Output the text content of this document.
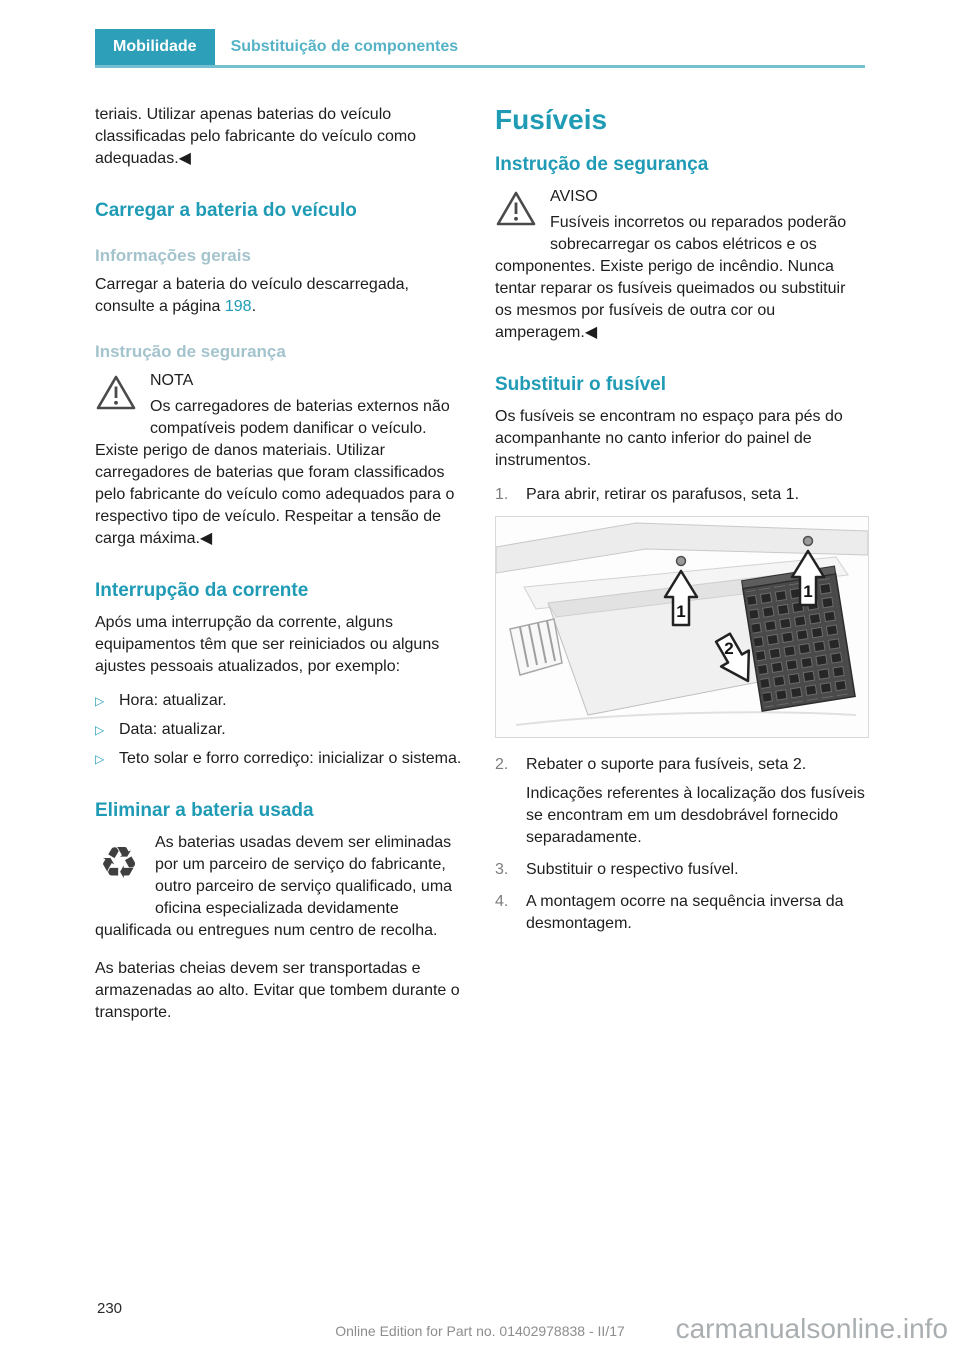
Mobilidade	Substituição de componentes

teriais. Utilizar apenas baterias do veículo classificadas pelo fabricante do veículo como adequadas.◀

Carregar a bateria do veículo
Informações gerais

Carregar a bateria do veículo descarregada, consulte a página 198.

Instrução de segurança
NOTA
Os carregadores de baterias externos não compatíveis podem danificar o veículo. Existe perigo de danos materiais. Utilizar carregadores de baterias que foram classificados pelo fabricante do veículo como adequados para o respectivo tipo de veículo. Respeitar a tensão de carga máxima.◀
Interrupção da corrente

Após uma interrupção da corrente, alguns equipamentos têm que ser reiniciados ou alguns ajustes pessoais atualizados, por exemplo:

▷ Hora: atualizar.
▷ Data: atualizar.
▷ Teto solar e forro corrediço: inicializar o sistema.
Eliminar a bateria usada
♻	As baterias usadas devem ser eliminadas por um parceiro de serviço do fabricante, outro parceiro de serviço qualificado, uma oficina especializada devidamente qualificada ou entregues num centro de recolha.

As baterias cheias devem ser transportadas e armazenadas ao alto. Evitar que tombem durante o transporte.

Fusíveis
Instrução de segurança
AVISO
Fusíveis incorretos ou reparados poderão sobrecarregar os cabos elétricos e os componentes. Existe perigo de incêndio. Nunca tentar reparar os fusíveis queimados ou substituir os mesmos por fusíveis de outra cor ou amperagem.◀
Substituir o fusível

Os fusíveis se encontram no espaço para pés do acompanhante no canto inferior do painel de instrumentos.

1.	Para abrir, retirar os parafusos, seta 1.
1
1
2
2.	Rebater o suporte para fusíveis, seta 2.
Indicações referentes à localização dos fusíveis se encontram em um desdobrável fornecido separadamente.
3.	Substituir o respectivo fusível.
4.	A montagem ocorre na sequência inversa da desmontagem.
230
Online Edition for Part no. 01402978838 - II/17	carmanualsonline.info
